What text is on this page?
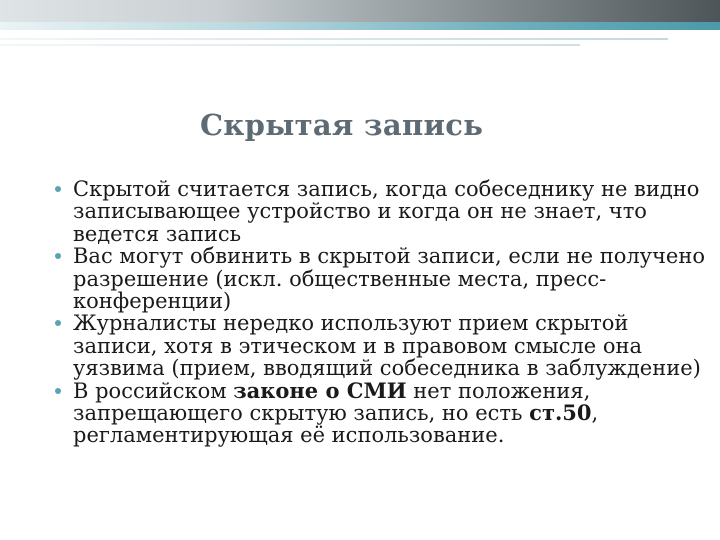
Скрытая запись
Скрытой считается запись, когда собеседнику не видно записывающее устройство и когда он не знает, что ведется запись
Вас могут обвинить в скрытой записи, если не получено разрешение (искл. общественные места, пресс-конференции)
Журналисты нередко используют прием скрытой записи, хотя в этическом и в правовом смысле она уязвима (прием, вводящий собеседника в заблуждение)
В российском законе о СМИ нет положения, запрещающего скрытую запись, но есть ст.50, регламентирующая её использование.
